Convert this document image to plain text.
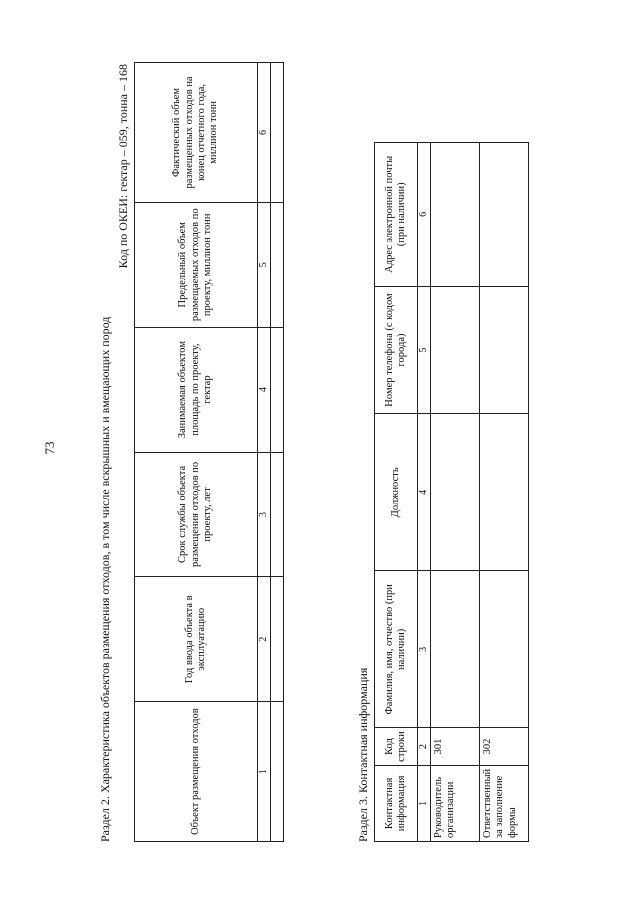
73	Раздел 2. Характеристика объектов размещения отходов, в том числе вскрышных и вмещающих пород
Код по ОКЕИ: гектар – 059, тонна – 168
Объект размещения отходов	Год ввода объекта в эксплуатацию	Срок службы объекта размещения отходов по проекту, лет	Занимаемая объектом площадь по проекту, гектар	Предельный объем размещаемых отходов по проекту, миллион тонн	Фактический объем размещенных отходов на конец отчетного года, миллион тонн
1	2	3	4	5	6

Раздел 3. Контактная информация Контактная информация	Код строки	Фамилия, имя, отчество (при наличии)	Должность	Номер телефона (с кодом города)	Адрес электронной почты (при наличии)
1	2	3	4	5	6
Руководитель организации	301				
Ответственный за заполнение формы	302				
